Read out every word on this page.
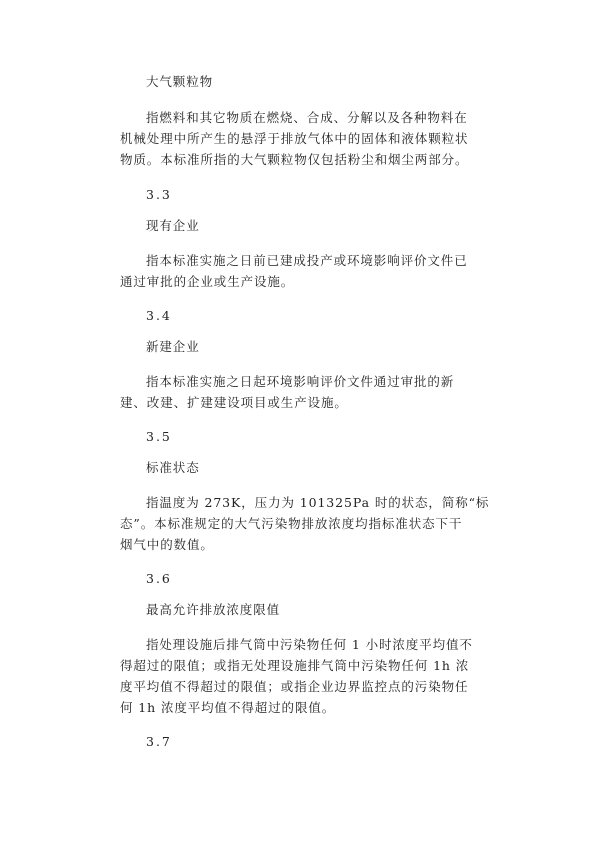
大气颗粒物
指燃料和其它物质在燃烧、合成、分解以及各种物料在
机械处理中所产生的悬浮于排放气体中的固体和液体颗粒状
物质。本标准所指的大气颗粒物仅包括粉尘和烟尘两部分。
3.3
现有企业
指本标准实施之日前已建成投产或环境影响评价文件已
通过审批的企业或生产设施。
3.4
新建企业
指本标准实施之日起环境影响评价文件通过审批的新
建、改建、扩建建设项目或生产设施。
3.5
标准状态
指温度为 273K，压力为 101325Pa 时的状态，简称“标
态”。本标准规定的大气污染物排放浓度均指标准状态下干
烟气中的数值。
3.6
最高允许排放浓度限值
指处理设施后排气筒中污染物任何 1 小时浓度平均值不
得超过的限值；或指无处理设施排气筒中污染物任何 1h 浓
度平均值不得超过的限值；或指企业边界监控点的污染物任
何 1h 浓度平均值不得超过的限值。
3.7
